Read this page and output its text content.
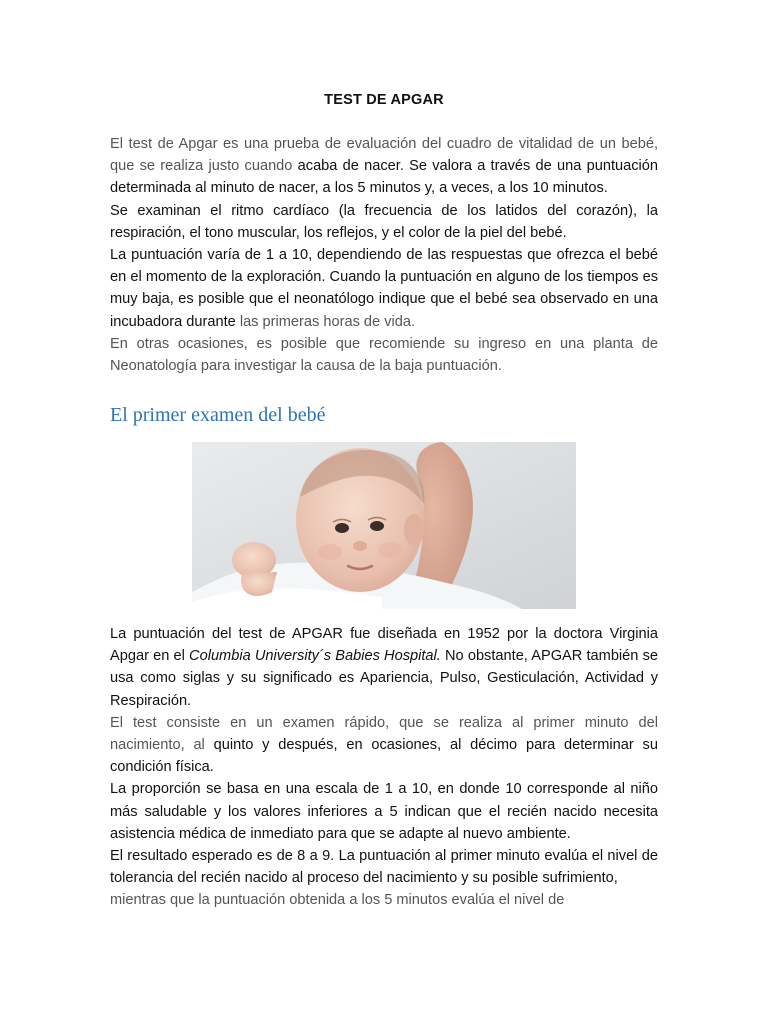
TEST DE APGAR

El test de Apgar es una prueba de evaluación del cuadro de vitalidad de un bebé, que se realiza justo cuando acaba de nacer. Se valora a través de una puntuación determinada al minuto de nacer, a los 5 minutos y, a veces, a los 10 minutos.

Se examinan el ritmo cardíaco (la frecuencia de los latidos del corazón), la respiración, el tono muscular, los reflejos, y el color de la piel del bebé.

La puntuación varía de 1 a 10, dependiendo de las respuestas que ofrezca el bebé en el momento de la exploración. Cuando la puntuación en alguno de los tiempos es muy baja, es posible que el neonatólogo indique que el bebé sea observado en una incubadora durante las primeras horas de vida.

En otras ocasiones, es posible que recomiende su ingreso en una planta de Neonatología para investigar la causa de la baja puntuación.

El primer examen del bebé

La puntuación del test de APGAR fue diseñada en 1952 por la doctora Virginia Apgar en el Columbia University´s Babies Hospital. No obstante, APGAR también se usa como siglas y su significado es Apariencia, Pulso, Gesticulación, Actividad y Respiración.

El test consiste en un examen rápido, que se realiza al primer minuto del nacimiento, al quinto y después, en ocasiones, al décimo para determinar su condición física.

La proporción se basa en una escala de 1 a 10, en donde 10 corresponde al niño más saludable y los valores inferiores a 5 indican que el recién nacido necesita asistencia médica de inmediato para que se adapte al nuevo ambiente.

El resultado esperado es de 8 a 9. La puntuación al primer minuto evalúa el nivel de tolerancia del recién nacido al proceso del nacimiento y su posible sufrimiento,

mientras que la puntuación obtenida a los 5 minutos evalúa el nivel de
